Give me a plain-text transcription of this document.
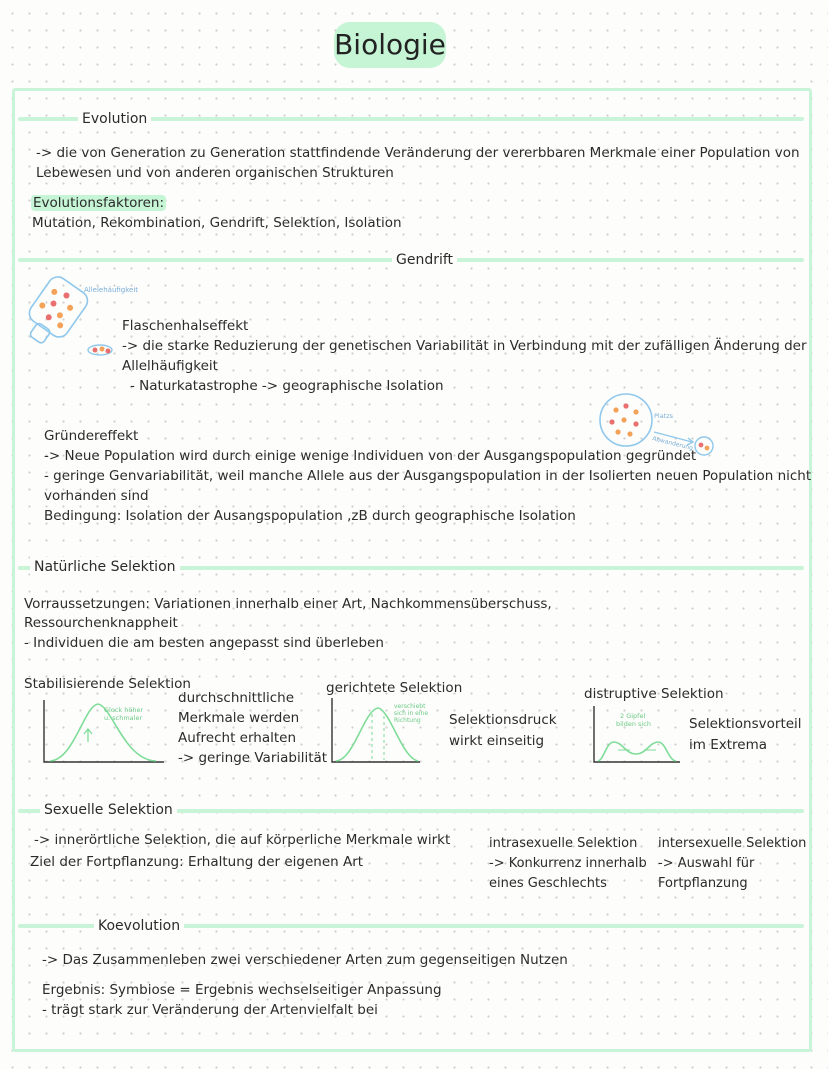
Biologie
Evolution
-> die von Generation zu Generation stattfindende Veränderung der vererbbaren Merkmale einer Population von
Lebewesen und von anderen organischen Strukturen
Evolutionsfaktoren:
Mutation, Rekombination, Gendrift, Selektion, Isolation
Gendrift
Allelehäufigkeit
Flaschenhalseffekt
-> die starke Reduzierung der genetischen Variabilität in Verbindung mit der zufälligen Änderung der
Allelhäufigkeit
- Naturkatastrophe -> geographische Isolation
Platzs
Abwanderung
Gründereffekt
-> Neue Population wird durch einige wenige Individuen von der Ausgangspopulation gegründet
- geringe Genvariabilität, weil manche Allele aus der Ausgangspopulation in der Isolierten neuen Population nicht
vorhanden sind
Bedingung: Isolation der Ausangspopulation ,zB durch geographische Isolation
Natürliche Selektion
Vorraussetzungen: Variationen innerhalb einer Art, Nachkommensüberschuss,
Ressourchenknappheit
- Individuen die am besten angepasst sind überleben
Stabilisierende Selektion
Glock höher
u. schmaler
durchschnittliche
Merkmale werden
Aufrecht erhalten
-> geringe Variabilität
gerichtete Selektion
verschiebt
sich in eine
Richtung Selektionsdruck
wirkt einseitig
distruptive Selektion
2 Gipfel
bilden sich	Selektionsvorteil
im Extrema
Sexuelle Selektion
-> innerörtliche Selektion, die auf körperliche Merkmale wirkt
Ziel der Fortpflanzung: Erhaltung der eigenen Art
intrasexuelle Selektion
-> Konkurrenz innerhalb
eines Geschlechts
intersexuelle Selektion
-> Auswahl für
Fortpflanzung
Koevolution
-> Das Zusammenleben zwei verschiedener Arten zum gegenseitigen Nutzen
Ergebnis: Symbiose = Ergebnis wechselseitiger Anpassung
- trägt stark zur Veränderung der Artenvielfalt bei
